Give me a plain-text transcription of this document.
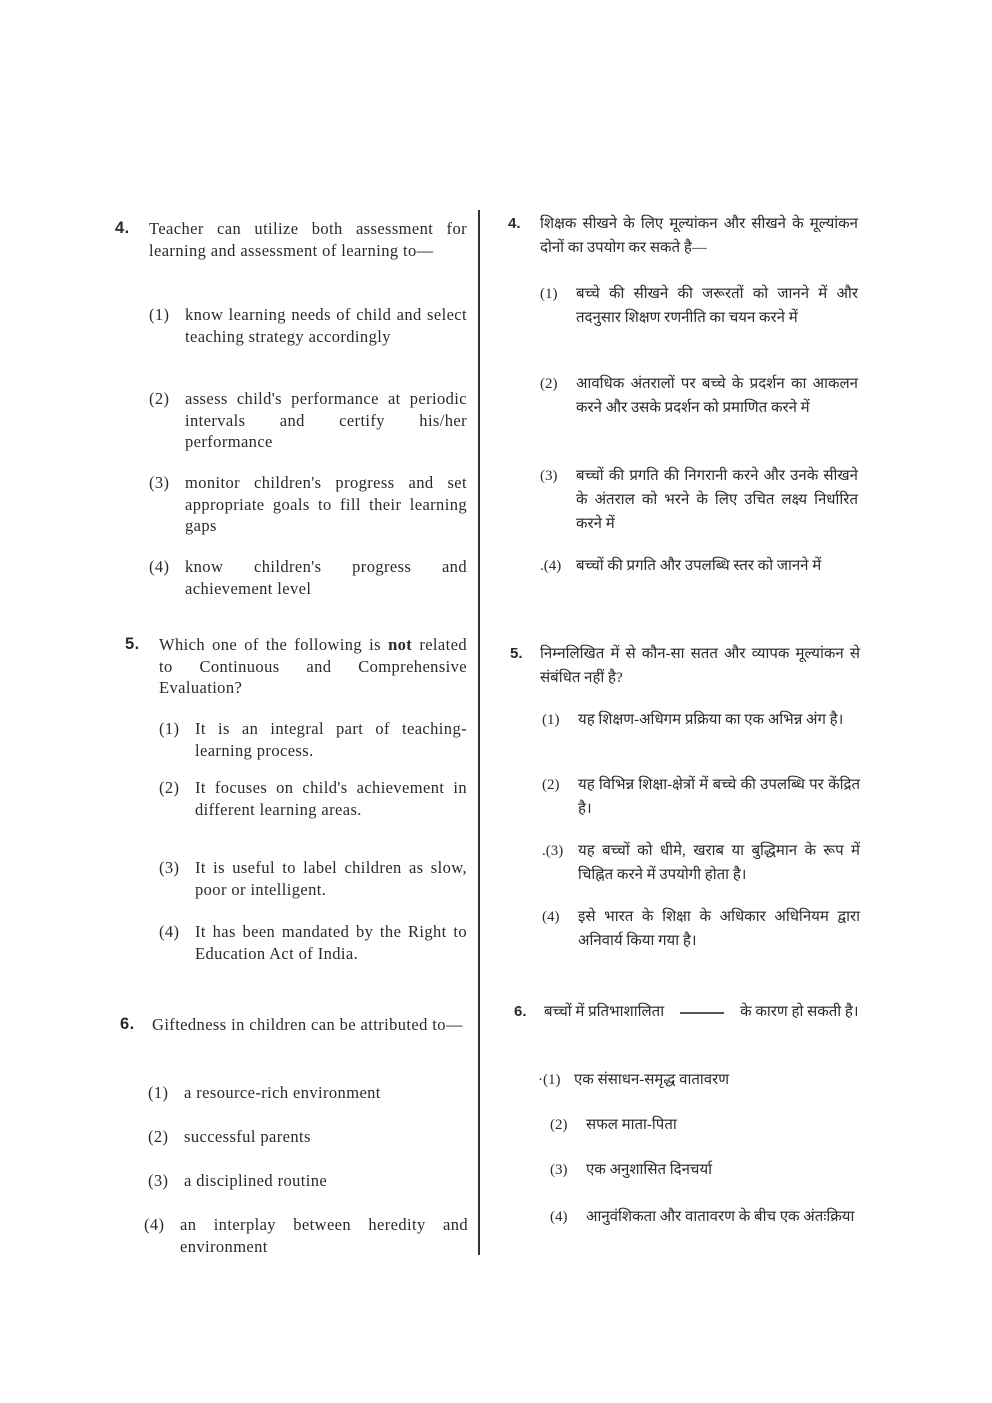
4. Teacher can utilize both assessment for learning and assessment of learning to—
(1) know learning needs of child and select teaching strategy accordingly
(2) assess child's performance at periodic intervals and certify his/her performance
(3) monitor children's progress and set appropriate goals to fill their learning gaps
(4) know children's progress and achievement level
5. Which one of the following is not related to Continuous and Comprehensive Evaluation?
(1) It is an integral part of teaching-learning process.
(2) It focuses on child's achievement in different learning areas.
(3) It is useful to label children as slow, poor or intelligent.
(4) It has been mandated by the Right to Education Act of India.
6. Giftedness in children can be attributed to—
(1) a resource-rich environment
(2) successful parents
(3) a disciplined routine
(4) an interplay between heredity and environment
4. शिक्षक सीखने के लिए मूल्यांकन और सीखने के मूल्यांकन दोनों का उपयोग कर सकते है—
(1) बच्चे की सीखने की जरूरतों को जानने में और तदनुसार शिक्षण रणनीति का चयन करने में
(2) आवधिक अंतरालों पर बच्चे के प्रदर्शन का आकलन करने और उसके प्रदर्शन को प्रमाणित करने में
(3) बच्चों की प्रगति की निगरानी करने और उनके सीखने के अंतराल को भरने के लिए उचित लक्ष्य निर्धारित करने में
.(4) बच्चों की प्रगति और उपलब्धि स्तर को जानने में
5. निम्नलिखित में से कौन-सा सतत और व्यापक मूल्यांकन से संबंधित नहीं है?
(1) यह शिक्षण-अधिगम प्रक्रिया का एक अभिन्न अंग है।
(2) यह विभिन्न शिक्षा-क्षेत्रों में बच्चे की उपलब्धि पर केंद्रित है।
.(3) यह बच्चों को धीमे, खराब या बुद्धिमान के रूप में चिह्नित करने में उपयोगी होता है।
(4) इसे भारत के शिक्षा के अधिकार अधिनियम द्वारा अनिवार्य किया गया है।
6. बच्चों में प्रतिभाशालिता	के कारण हो सकती है।
·(1) एक संसाधन-समृद्ध वातावरण
(2) सफल माता-पिता
(3) एक अनुशासित दिनचर्या
(4) आनुवंशिकता और वातावरण के बीच एक अंतःक्रिया
